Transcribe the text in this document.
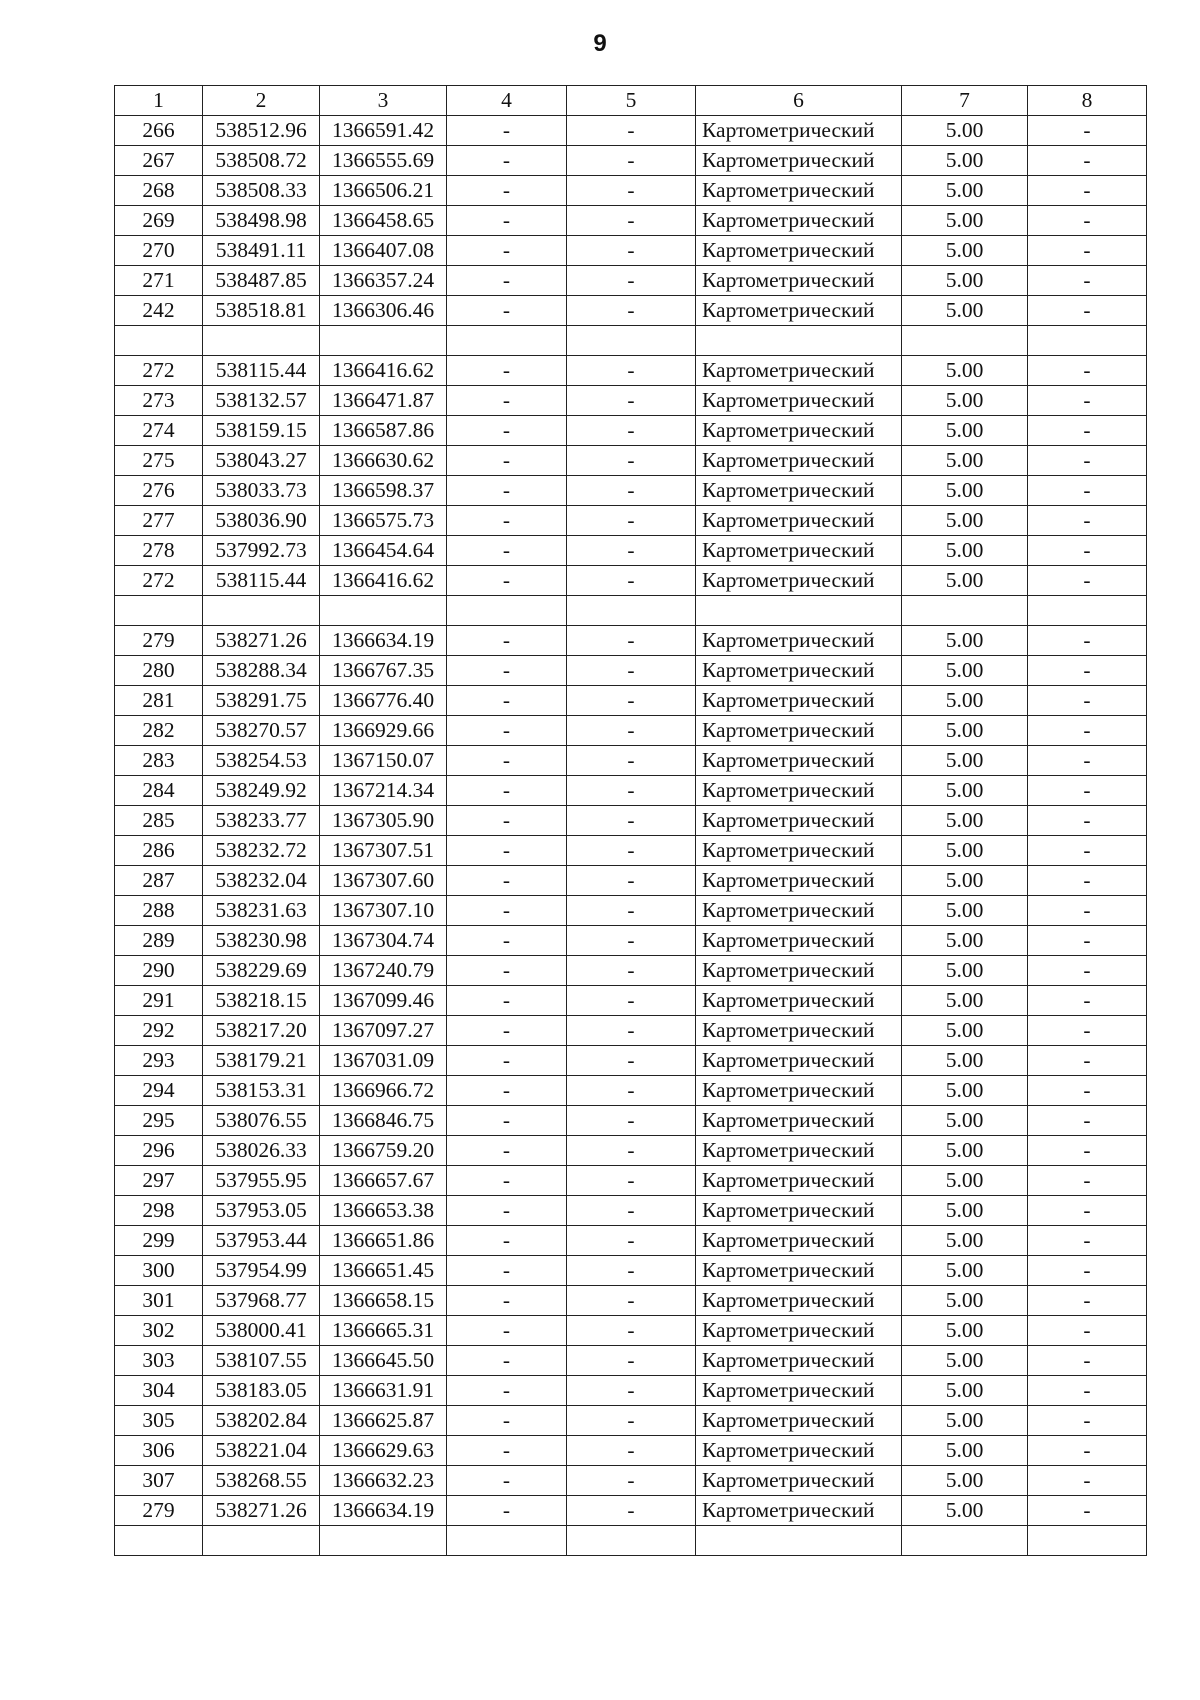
9
1	2	3	4	5	6	7	8
266	538512.96	1366591.42	-	-	Картометрический	5.00	-
267	538508.72	1366555.69	-	-	Картометрический	5.00	-
268	538508.33	1366506.21	-	-	Картометрический	5.00	-
269	538498.98	1366458.65	-	-	Картометрический	5.00	-
270	538491.11	1366407.08	-	-	Картометрический	5.00	-
271	538487.85	1366357.24	-	-	Картометрический	5.00	-
242	538518.81	1366306.46	-	-	Картометрический	5.00	-

272	538115.44	1366416.62	-	-	Картометрический	5.00	-
273	538132.57	1366471.87	-	-	Картометрический	5.00	-
274	538159.15	1366587.86	-	-	Картометрический	5.00	-
275	538043.27	1366630.62	-	-	Картометрический	5.00	-
276	538033.73	1366598.37	-	-	Картометрический	5.00	-
277	538036.90	1366575.73	-	-	Картометрический	5.00	-
278	537992.73	1366454.64	-	-	Картометрический	5.00	-
272	538115.44	1366416.62	-	-	Картометрический	5.00	-

279	538271.26	1366634.19	-	-	Картометрический	5.00	-
280	538288.34	1366767.35	-	-	Картометрический	5.00	-
281	538291.75	1366776.40	-	-	Картометрический	5.00	-
282	538270.57	1366929.66	-	-	Картометрический	5.00	-
283	538254.53	1367150.07	-	-	Картометрический	5.00	-
284	538249.92	1367214.34	-	-	Картометрический	5.00	-
285	538233.77	1367305.90	-	-	Картометрический	5.00	-
286	538232.72	1367307.51	-	-	Картометрический	5.00	-
287	538232.04	1367307.60	-	-	Картометрический	5.00	-
288	538231.63	1367307.10	-	-	Картометрический	5.00	-
289	538230.98	1367304.74	-	-	Картометрический	5.00	-
290	538229.69	1367240.79	-	-	Картометрический	5.00	-
291	538218.15	1367099.46	-	-	Картометрический	5.00	-
292	538217.20	1367097.27	-	-	Картометрический	5.00	-
293	538179.21	1367031.09	-	-	Картометрический	5.00	-
294	538153.31	1366966.72	-	-	Картометрический	5.00	-
295	538076.55	1366846.75	-	-	Картометрический	5.00	-
296	538026.33	1366759.20	-	-	Картометрический	5.00	-
297	537955.95	1366657.67	-	-	Картометрический	5.00	-
298	537953.05	1366653.38	-	-	Картометрический	5.00	-
299	537953.44	1366651.86	-	-	Картометрический	5.00	-
300	537954.99	1366651.45	-	-	Картометрический	5.00	-
301	537968.77	1366658.15	-	-	Картометрический	5.00	-
302	538000.41	1366665.31	-	-	Картометрический	5.00	-
303	538107.55	1366645.50	-	-	Картометрический	5.00	-
304	538183.05	1366631.91	-	-	Картометрический	5.00	-
305	538202.84	1366625.87	-	-	Картометрический	5.00	-
306	538221.04	1366629.63	-	-	Картометрический	5.00	-
307	538268.55	1366632.23	-	-	Картометрический	5.00	-
279	538271.26	1366634.19	-	-	Картометрический	5.00	-
